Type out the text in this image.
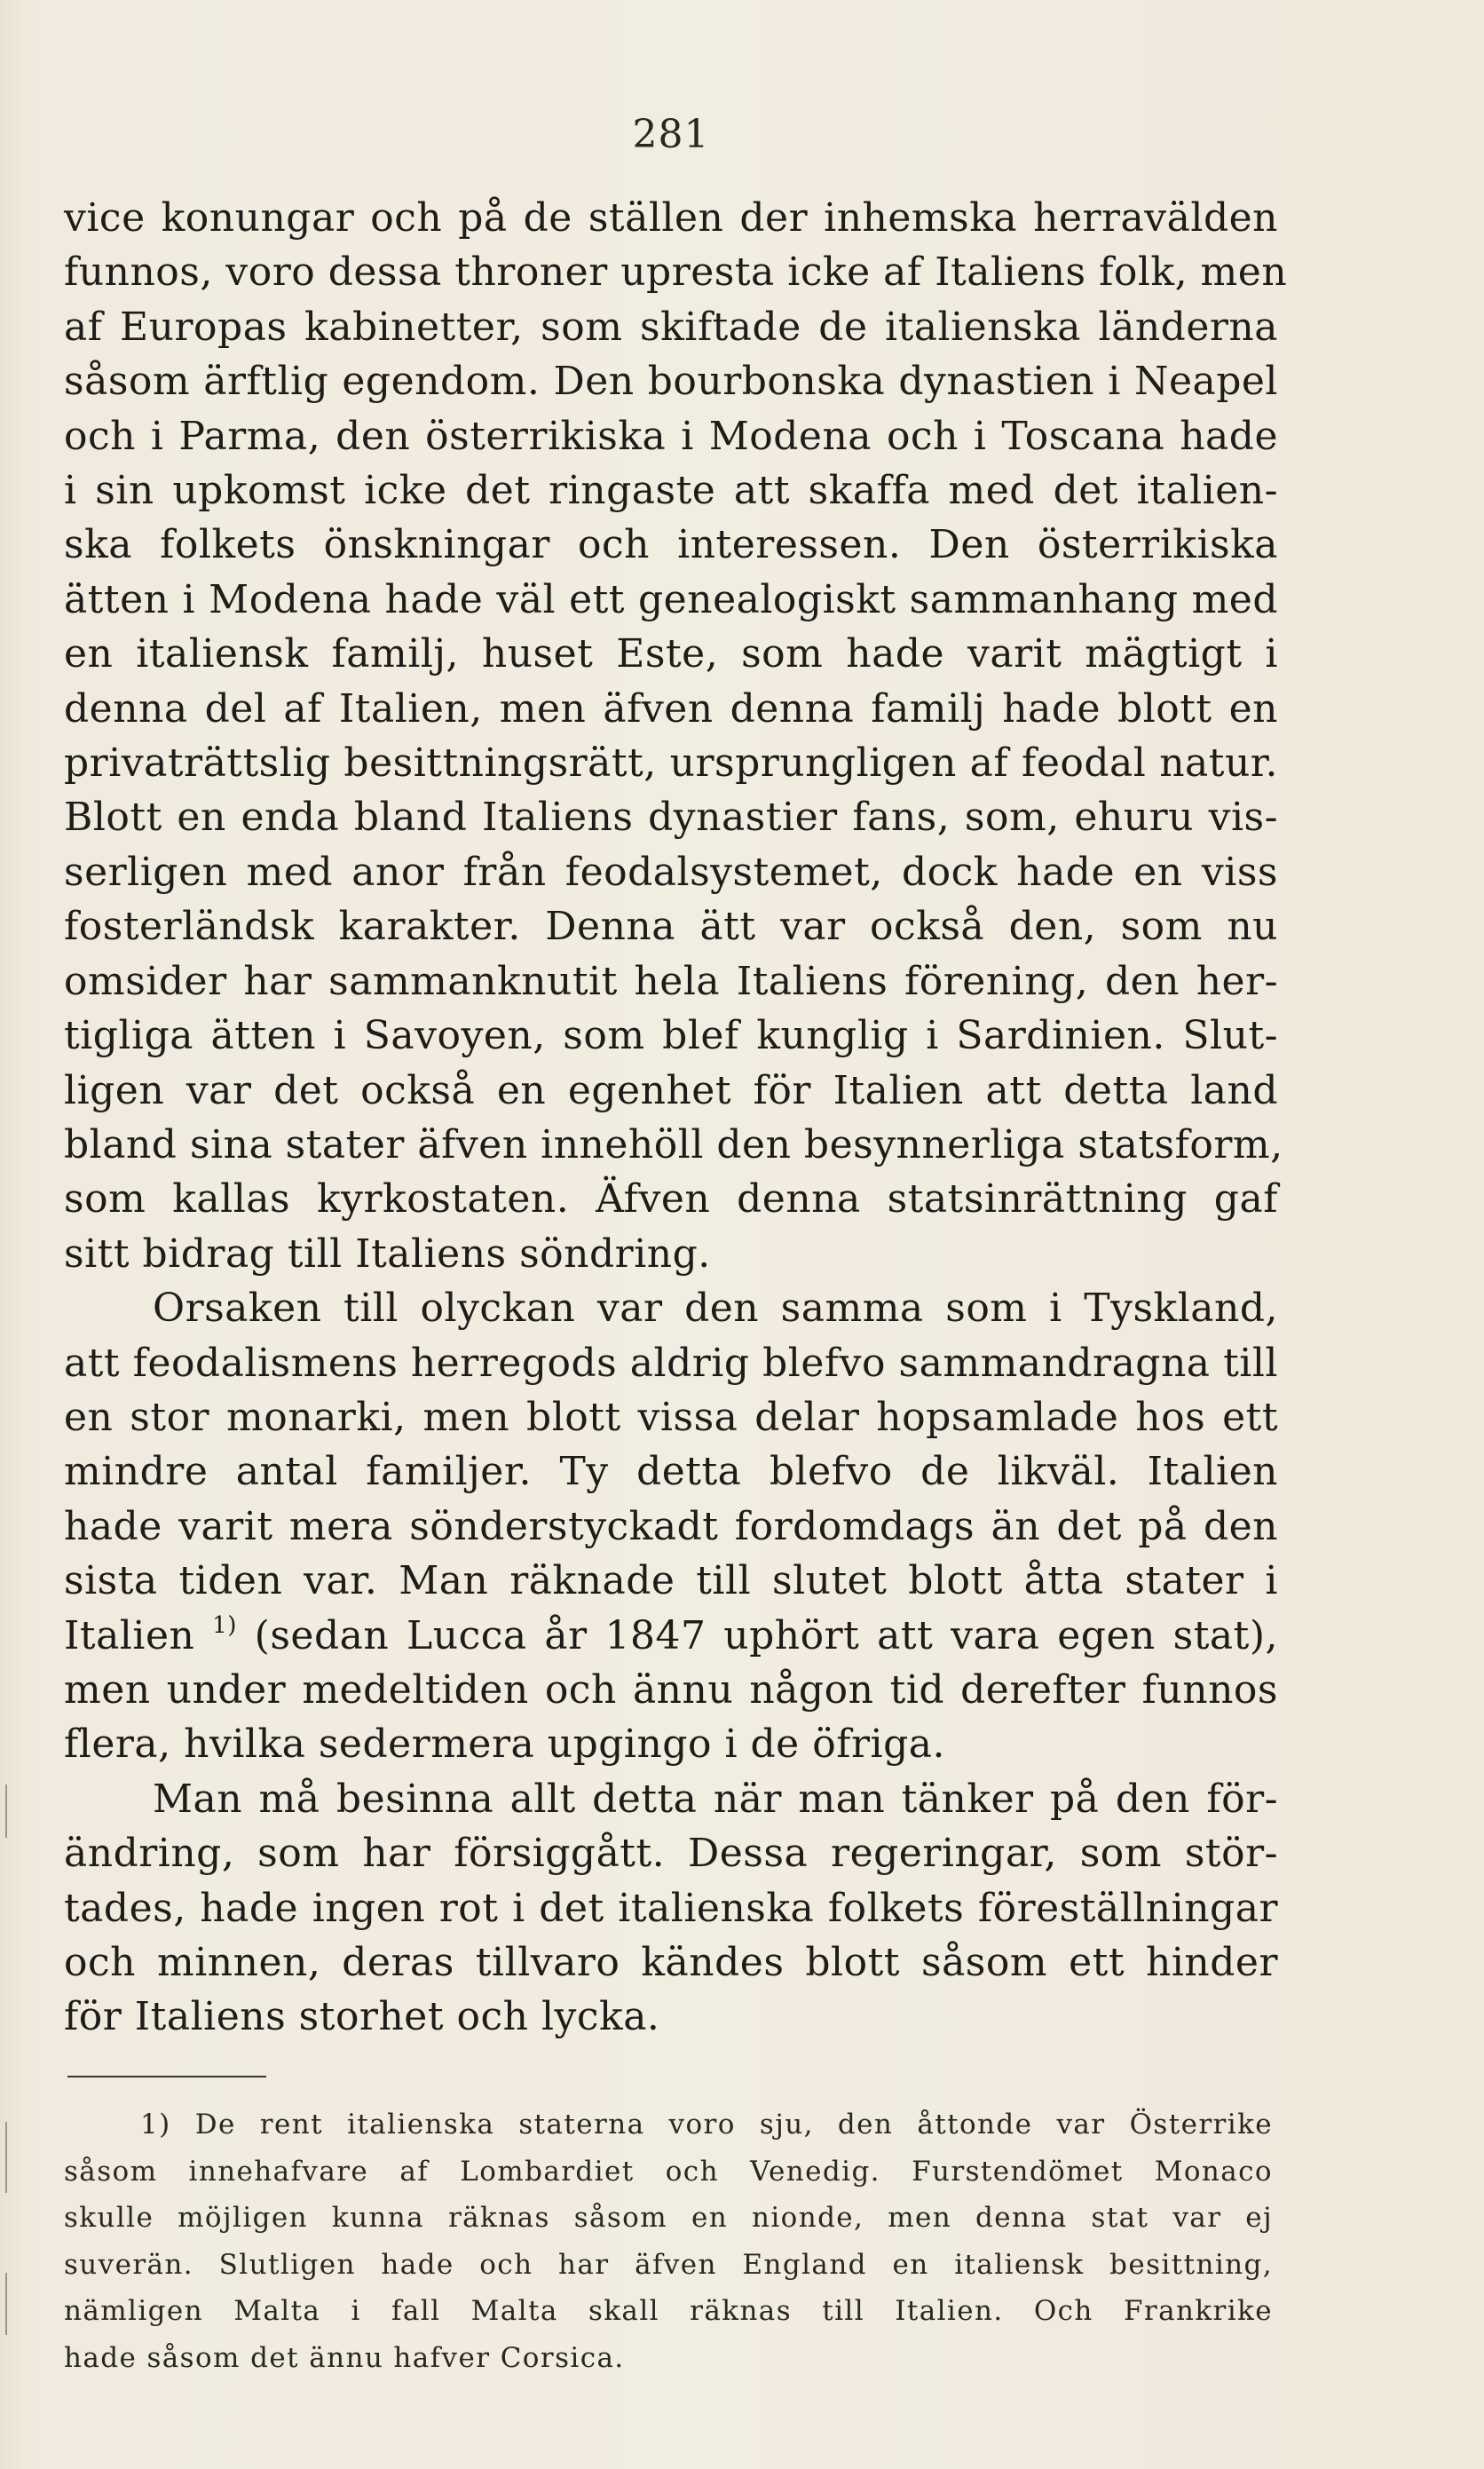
281
vice konungar och på de ställen der inhemska herravälden
funnos, voro dessa throner upresta icke af Italiens folk, men
af Europas kabinetter, som skiftade de italienska länderna
såsom ärftlig egendom. Den bourbonska dynastien i Neapel
och i Parma, den österrikiska i Modena och i Toscana hade
i sin upkomst icke det ringaste att skaffa med det italien-
ska folkets önskningar och interessen. Den österrikiska
ätten i Modena hade väl ett genealogiskt sammanhang med
en italiensk familj, huset Este, som hade varit mägtigt i
denna del af Italien, men äfven denna familj hade blott en
privaträttslig besittningsrätt, ursprungligen af feodal natur.
Blott en enda bland Italiens dynastier fans, som, ehuru vis-
serligen med anor från feodalsystemet, dock hade en viss
fosterländsk karakter. Denna ätt var också den, som nu
omsider har sammanknutit hela Italiens förening, den her-
tigliga ätten i Savoyen, som blef kunglig i Sardinien. Slut-
ligen var det också en egenhet för Italien att detta land
bland sina stater äfven innehöll den besynnerliga statsform,
som kallas kyrkostaten. Äfven denna statsinrättning gaf
sitt bidrag till Italiens söndring.
Orsaken till olyckan var den samma som i Tyskland,
att feodalismens herregods aldrig blefvo sammandragna till
en stor monarki, men blott vissa delar hopsamlade hos ett
mindre antal familjer. Ty detta blefvo de likväl. Italien
hade varit mera sönderstyckadt fordomdags än det på den
sista tiden var. Man räknade till slutet blott åtta stater i
Italien $^{1)}$ (sedan Lucca år 1847 uphört att vara egen stat),
men under medeltiden och ännu någon tid derefter funnos
flera, hvilka sedermera upgingo i de öfriga.
Man må besinna allt detta när man tänker på den för-
ändring, som har försiggått. Dessa regeringar, som stör-
tades, hade ingen rot i det italienska folkets föreställningar
och minnen, deras tillvaro kändes blott såsom ett hinder
för Italiens storhet och lycka.
1) De rent italienska staterna voro sju, den åttonde var Österrike
såsom innehafvare af Lombardiet och Venedig. Furstendömet Monaco
skulle möjligen kunna räknas såsom en nionde, men denna stat var ej
suverän. Slutligen hade och har äfven England en italiensk besittning,
nämligen Malta i fall Malta skall räknas till Italien. Och Frankrike
hade såsom det ännu hafver Corsica.
